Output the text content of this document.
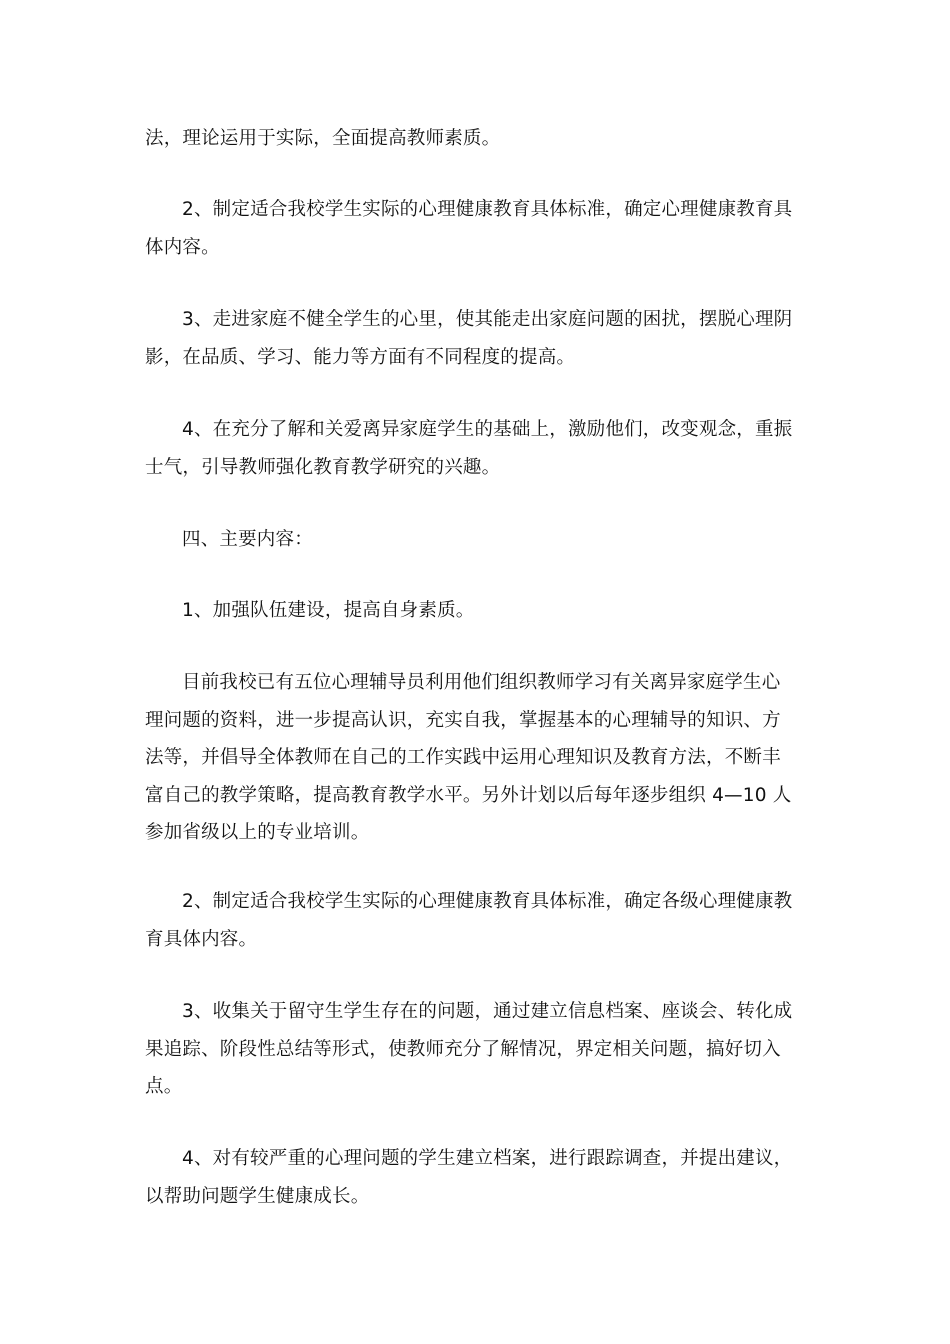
法，理论运用于实际，全面提高教师素质。

2、制定适合我校学生实际的心理健康教育具体标准，确定心理健康教育具
体内容。

3、走进家庭不健全学生的心里，使其能走出家庭问题的困扰，摆脱心理阴
影，在品质、学习、能力等方面有不同程度的提高。

4、在充分了解和关爱离异家庭学生的基础上，激励他们，改变观念，重振
士气，引导教师强化教育教学研究的兴趣。

四、主要内容：

1、加强队伍建设，提高自身素质。

目前我校已有五位心理辅导员利用他们组织教师学习有关离异家庭学生心
理问题的资料，进一步提高认识，充实自我，掌握基本的心理辅导的知识、方
法等，并倡导全体教师在自己的工作实践中运用心理知识及教育方法，不断丰
富自己的教学策略，提高教育教学水平。另外计划以后每年逐步组织 4—10 人
参加省级以上的专业培训。

2、制定适合我校学生实际的心理健康教育具体标准，确定各级心理健康教
育具体内容。

3、收集关于留守生学生存在的问题，通过建立信息档案、座谈会、转化成
果追踪、阶段性总结等形式，使教师充分了解情况，界定相关问题，搞好切入
点。

4、对有较严重的心理问题的学生建立档案，进行跟踪调查，并提出建议，
以帮助问题学生健康成长。
